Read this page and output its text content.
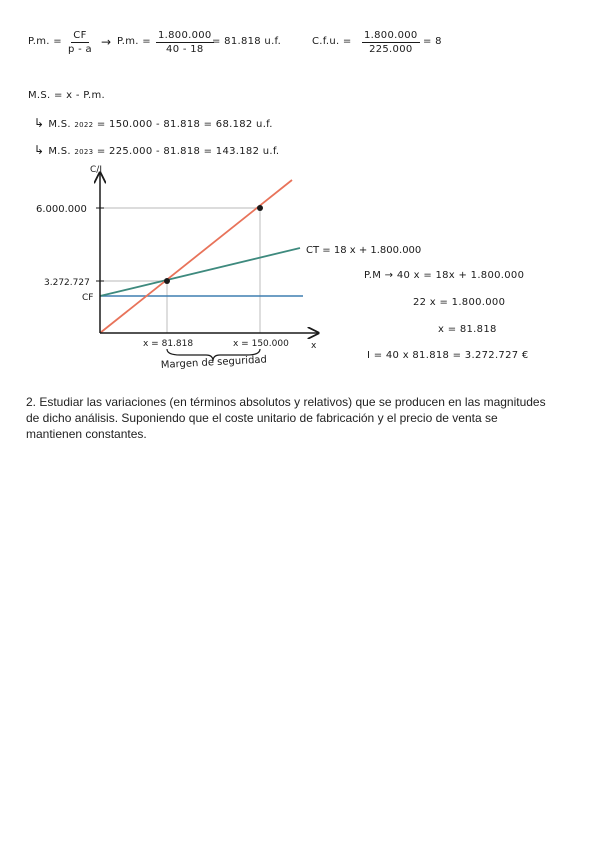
P.m. = $\frac{CF}{p - a} \to P.m$. = $\frac{1.800.000}{40 - 18}$
= 81.818 u.f.	C.f.u. = $\frac{1.800.000}{225.000} = 8$
M.S. = x - P.m.
↳ M.S. 2022 = 150.000 - 81.818 = 68.182 u.f.
↳ M.S. 2023 = 225.000 - 81.818 = 143.182 u.f.
C/I
x
6.000.000
3.272.727
CF
x = 81.818	x = 150.000
Margen de seguridad
CT = 18 x + 1.800.000
P.M → 40 x = 18x + 1.800.000
22 x = 1.800.000
x = 81.818
I = 40 x 81.818 = 3.272.727 €
2. Estudiar las variaciones (en términos absolutos y relativos) que se producen en las magnitudes de dicho análisis. Suponiendo que el coste unitario de fabricación y el precio de venta se mantienen constantes.
